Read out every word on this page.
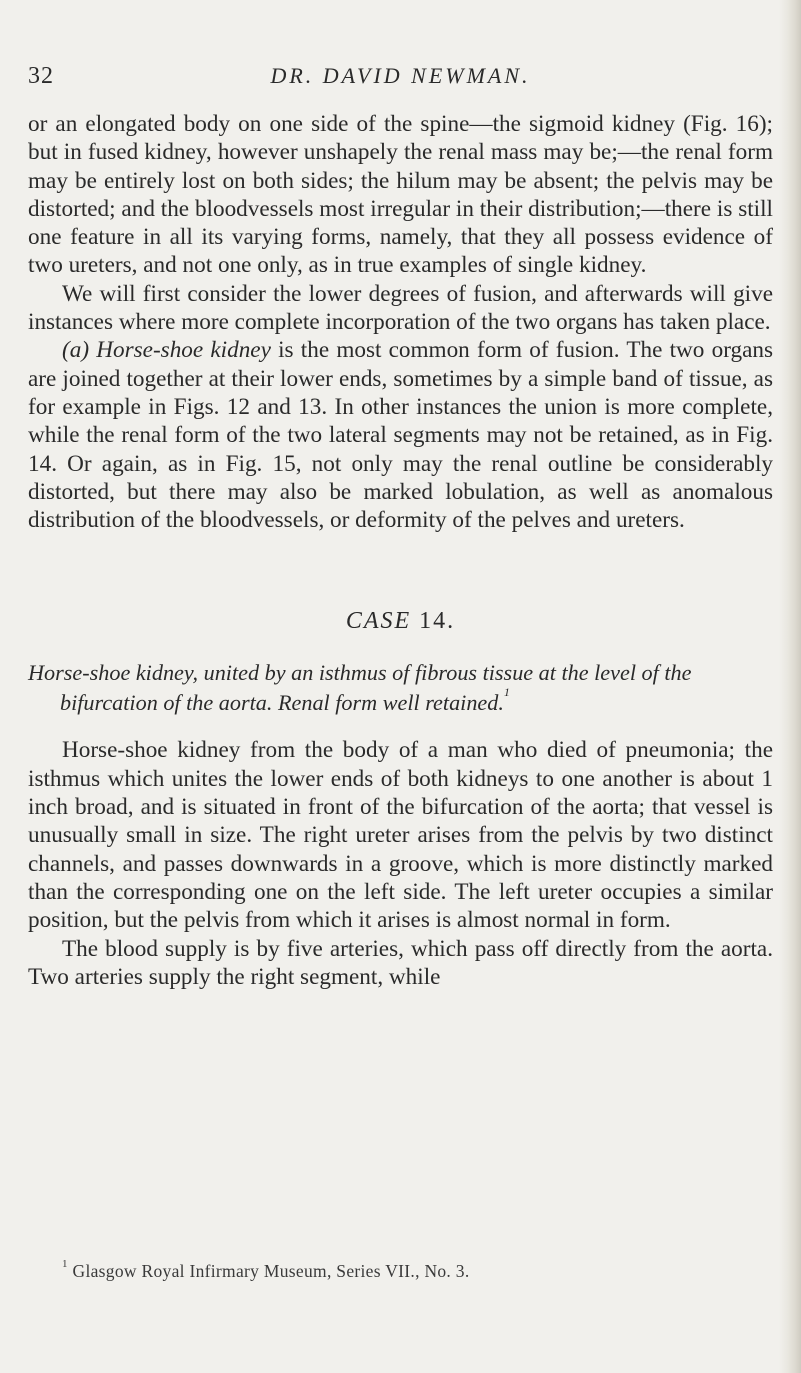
32	DR. DAVID NEWMAN.

or an elongated body on one side of the spine—the sigmoid kidney (Fig. 16); but in fused kidney, however unshapely the renal mass may be;—the renal form may be entirely lost on both sides; the hilum may be absent; the pelvis may be distorted; and the bloodvessels most irregular in their distribution;—there is still one feature in all its varying forms, namely, that they all possess evidence of two ureters, and not one only, as in true examples of single kidney.

We will first consider the lower degrees of fusion, and afterwards will give instances where more complete incorporation of the two organs has taken place.

(a) Horse-shoe kidney is the most common form of fusion. The two organs are joined together at their lower ends, sometimes by a simple band of tissue, as for example in Figs. 12 and 13. In other instances the union is more complete, while the renal form of the two lateral segments may not be retained, as in Fig. 14. Or again, as in Fig. 15, not only may the renal outline be considerably distorted, but there may also be marked lobulation, as well as anomalous distribution of the bloodvessels, or deformity of the pelves and ureters.

CASE 14.
Horse-shoe kidney, united by an isthmus of fibrous tissue at the level of the
bifurcation of the aorta. Renal form well retained.$^1$

Horse-shoe kidney from the body of a man who died of pneumonia; the isthmus which unites the lower ends of both kidneys to one another is about 1 inch broad, and is situated in front of the bifurcation of the aorta; that vessel is unusually small in size. The right ureter arises from the pelvis by two distinct channels, and passes downwards in a groove, which is more distinctly marked than the corresponding one on the left side. The left ureter occupies a similar position, but the pelvis from which it arises is almost normal in form.

The blood supply is by five arteries, which pass off directly from the aorta. Two arteries supply the right segment, while

$^1$ Glasgow Royal Infirmary Museum, Series VII., No. 3.
